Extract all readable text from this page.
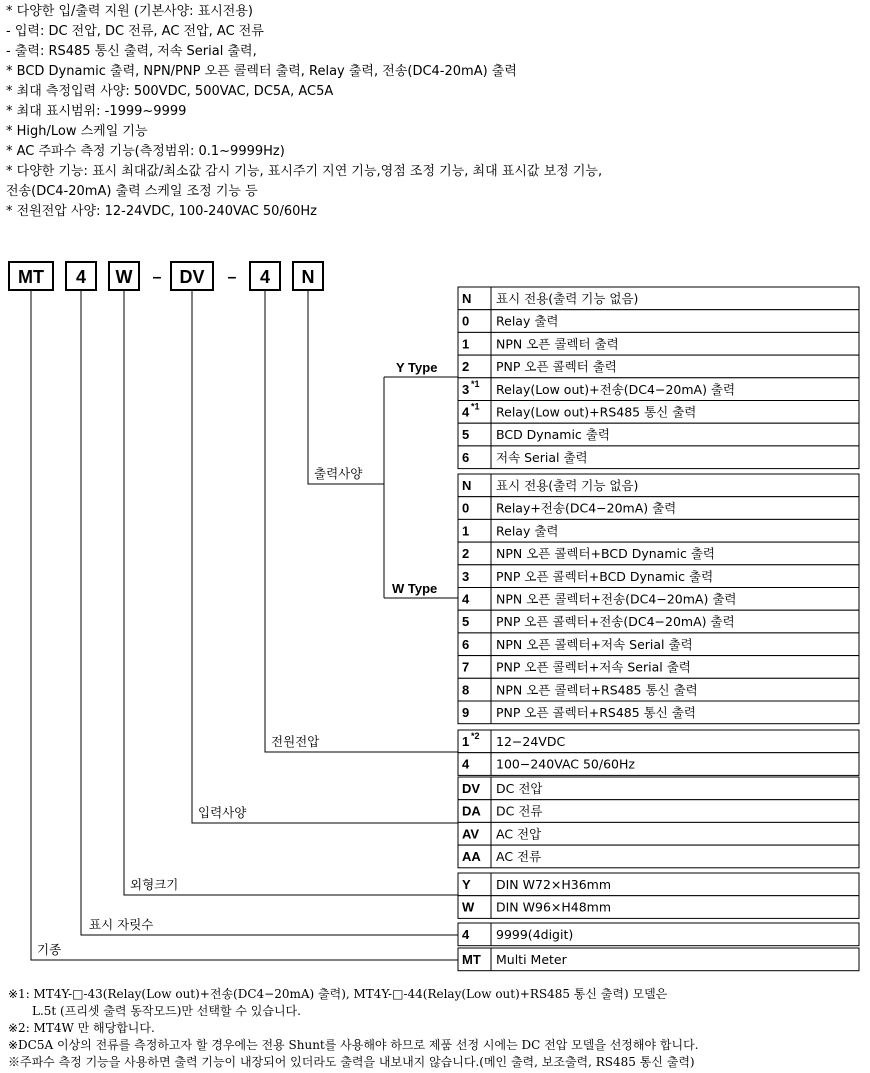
* 다양한 입/출력 지원 (기본사양: 표시전용)
- 입력: DC 전압, DC 전류, AC 전압, AC 전류
- 출력: RS485 통신 출력, 저속 Serial 출력,
* BCD Dynamic 출력, NPN/PNP 오픈 콜렉터 출력, Relay 출력, 전송(DC4-20mA) 출력
* 최대 측정입력 사양: 500VDC, 500VAC, DC5A, AC5A
* 최대 표시범위: -1999~9999
* High/Low 스케일 기능
* AC 주파수 측정 기능(측정범위: 0.1~9999Hz)
* 다양한 기능: 표시 최대값/최소값 감시 기능, 표시주기 지연 기능,영점 조정 기능, 최대 표시값 보정 기능,
전송(DC4-20mA) 출력 스케일 조정 기능 등
* 전원전압 사양: 12-24VDC, 100-240VAC 50/60Hz
MT 4 W – DV – 4 N
출력사양
Y Type
W Type
전원전압
입력사양
외형크기
표시 자릿수
기종
N 표시 전용(출력 기능 없음)
0 Relay 출력
1 NPN 오픈 콜렉터 출력
2 PNP 오픈 콜렉터 출력
3 *1 Relay(Low out)+전송(DC4−20mA) 출력
4 *1 Relay(Low out)+RS485 통신 출력
5 BCD Dynamic 출력
6 저속 Serial 출력
N 표시 전용(출력 기능 없음)
0 Relay+전송(DC4−20mA) 출력
1 Relay 출력
2 NPN 오픈 콜렉터+BCD Dynamic 출력
3 PNP 오픈 콜렉터+BCD Dynamic 출력
4 NPN 오픈 콜렉터+전송(DC4−20mA) 출력
5 PNP 오픈 콜렉터+전송(DC4−20mA) 출력
6 NPN 오픈 콜렉터+저속 Serial 출력
7 PNP 오픈 콜렉터+저속 Serial 출력
8 NPN 오픈 콜렉터+RS485 통신 출력
9 PNP 오픈 콜렉터+RS485 통신 출력
1 *2 12−24VDC
4 100−240VAC 50/60Hz
DV DC 전압
DA DC 전류
AV AC 전압
AA AC 전류
Y DIN W72×H36mm
W DIN W96×H48mm
4 9999(4digit)
MT Multi Meter
※1: MT4Y-□-43(Relay(Low out)+전송(DC4−20mA) 출력), MT4Y-□-44(Relay(Low out)+RS485 통신 출력) 모델은
L.5t (프리셋 출력 동작모드)만 선택할 수 있습니다.
※2: MT4W 만 해당합니다.
※DC5A 이상의 전류를 측정하고자 할 경우에는 전용 Shunt를 사용해야 하므로 제품 선정 시에는 DC 전압 모델을 선정해야 합니다.
※주파수 측정 기능을 사용하면 출력 기능이 내장되어 있더라도 출력을 내보내지 않습니다.(메인 출력, 보조출력, RS485 통신 출력)
